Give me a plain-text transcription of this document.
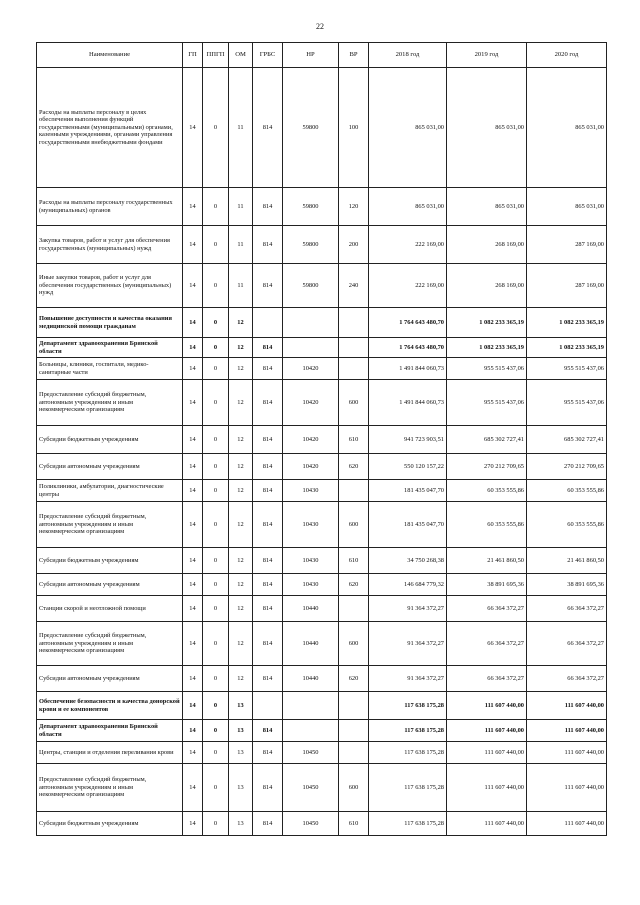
22
Наименование	ГП	ППГП	ОМ	ГРБС	НР	ВР	2018 год	2019 год	2020 год
Расходы на выплаты персоналу в целях обеспечения выполнения функций государственными (муниципальными) органами, казенными учреждениями, органами управления государственными внебюджетными фондами	14	0	11	814	59800	100	865 031,00	865 031,00	865 031,00
Расходы на выплаты персоналу государственных (муниципальных) органов	14	0	11	814	59800	120	865 031,00	865 031,00	865 031,00
Закупка товаров, работ и услуг для обеспечения государственных (муниципальных) нужд	14	0	11	814	59800	200	222 169,00	268 169,00	287 169,00
Иные закупки товаров, работ и услуг для обеспечения государственных (муниципальных) нужд	14	0	11	814	59800	240	222 169,00	268 169,00	287 169,00
Повышение доступности и качества оказания медицинской помощи гражданам	14	0	12				1 764 643 480,70	1 082 233 365,19	1 082 233 365,19
Департамент здравоохранения Брянской области	14	0	12	814			1 764 643 480,70	1 082 233 365,19	1 082 233 365,19
Больницы, клиники, госпитали, медико-санитарные части	14	0	12	814	10420		1 491 844 060,73	955 515 437,06	955 515 437,06
Предоставление субсидий бюджетным, автономным учреждениям и иным некоммерческим организациям	14	0	12	814	10420	600	1 491 844 060,73	955 515 437,06	955 515 437,06
Субсидии бюджетным учреждениям	14	0	12	814	10420	610	941 723 903,51	685 302 727,41	685 302 727,41
Субсидии автономным учреждениям	14	0	12	814	10420	620	550 120 157,22	270 212 709,65	270 212 709,65
Поликлиники, амбулатории, диагностические центры	14	0	12	814	10430		181 435 047,70	60 353 555,86	60 353 555,86
Предоставление субсидий бюджетным, автономным учреждениям и иным некоммерческим организациям	14	0	12	814	10430	600	181 435 047,70	60 353 555,86	60 353 555,86
Субсидии бюджетным учреждениям	14	0	12	814	10430	610	34 750 268,38	21 461 860,50	21 461 860,50
Субсидии автономным учреждениям	14	0	12	814	10430	620	146 684 779,32	38 891 695,36	38 891 695,36
Станции скорой и неотложной помощи	14	0	12	814	10440		91 364 372,27	66 364 372,27	66 364 372,27
Предоставление субсидий бюджетным, автономным учреждениям и иным некоммерческим организациям	14	0	12	814	10440	600	91 364 372,27	66 364 372,27	66 364 372,27
Субсидии автономным учреждениям	14	0	12	814	10440	620	91 364 372,27	66 364 372,27	66 364 372,27
Обеспечение безопасности и качества донорской крови и ее компонентов	14	0	13				117 638 175,28	111 607 440,00	111 607 440,00
Департамент здравоохранения Брянской области	14	0	13	814			117 638 175,28	111 607 440,00	111 607 440,00
Центры, станции и отделения переливания крови	14	0	13	814	10450		117 638 175,28	111 607 440,00	111 607 440,00
Предоставление субсидий бюджетным, автономным учреждениям и иным некоммерческим организациям	14	0	13	814	10450	600	117 638 175,28	111 607 440,00	111 607 440,00
Субсидии бюджетным учреждениям	14	0	13	814	10450	610	117 638 175,28	111 607 440,00	111 607 440,00
